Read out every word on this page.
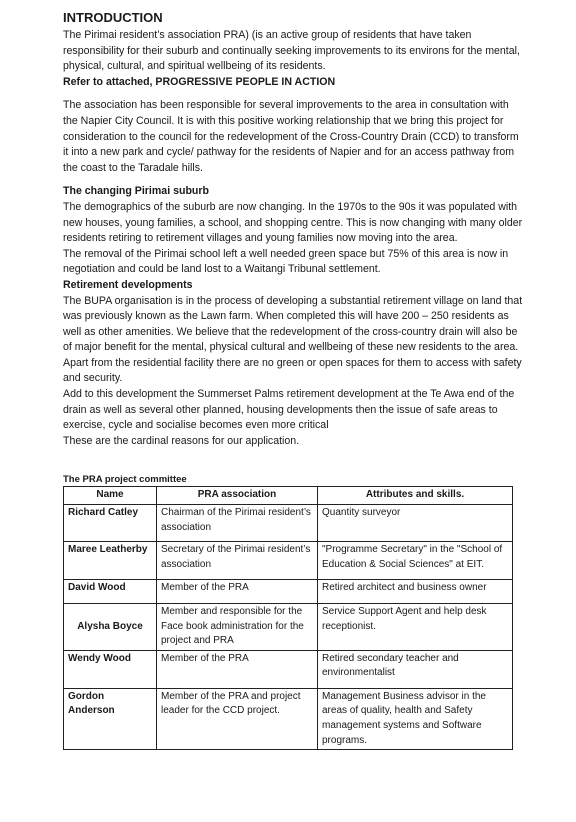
INTRODUCTION

The Pirimai resident’s association PRA) (is an active group of residents that have taken responsibility for their suburb and continually seeking improvements to its environs for the mental, physical, cultural, and spiritual wellbeing of its residents.

Refer to attached, PROGRESSIVE PEOPLE IN ACTION

The association has been responsible for several improvements to the area in consultation with the Napier City Council. It is with this positive working relationship that we bring this project for consideration to the council for the redevelopment of the Cross-Country Drain (CCD) to transform it into a new park and cycle/ pathway for the residents of Napier and for an access pathway from the coast to the Taradale hills.

The changing Pirimai suburb

The demographics of the suburb are now changing. In the 1970s to the 90s it was populated with new houses, young families, a school, and shopping centre. This is now changing with many older residents retiring to retirement villages and young families now moving into the area.

The removal of the Pirimai school left a well needed green space but 75% of this area is now in negotiation and could be land lost to a Waitangi Tribunal settlement.

Retirement developments

The BUPA organisation is in the process of developing a substantial retirement village on land that was previously known as the Lawn farm. When completed this will have 200 – 250 residents as well as other amenities. We believe that the redevelopment of the cross-country drain will also be of major benefit for the mental, physical cultural and wellbeing of these new residents to the area.

Apart from the residential facility there are no green or open spaces for them to access with safety and security.

Add to this development the Summerset Palms retirement development at the Te Awa end of the drain as well as several other planned, housing developments then the issue of safe areas to exercise, cycle and socialise becomes even more critical

These are the cardinal reasons for our application.

The PRA project committee
Name	PRA association	Attributes and skills.
Richard Catley	Chairman of the Pirimai resident’s association	Quantity surveyor
Maree Leatherby	Secretary of the Pirimai resident’s association	"Programme Secretary" in the "School of Education & Social Sciences" at EIT.
David Wood	Member of the PRA	Retired architect and business owner
Alysha Boyce	Member and responsible for the Face book administration for the project and PRA	Service Support Agent and help desk receptionist.
Wendy Wood	Member of the PRA	Retired secondary teacher and environmentalist
Gordon Anderson	Member of the PRA and project leader for the CCD project.	Management Business advisor in the areas of quality, health and Safety management systems and Software programs.
